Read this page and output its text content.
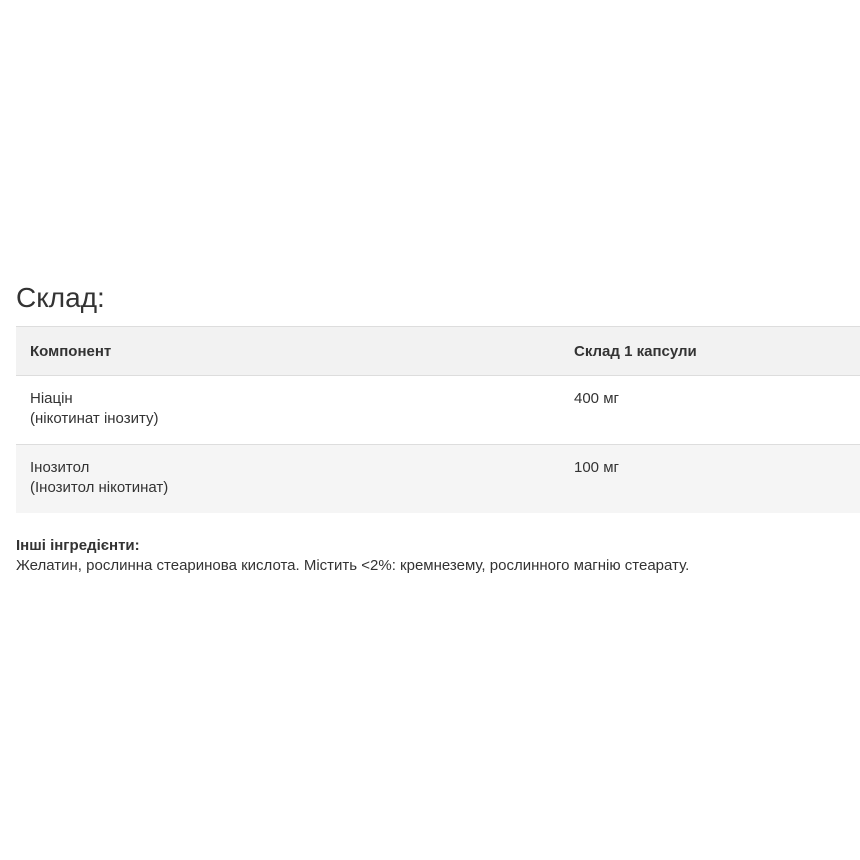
Склад:
Компонент	Склад 1 капсули

Ніацін
(нікотинат інозиту)	400 мг

Інозитол
(Інозитол нікотинат)	100 мг
Інші інгредієнти:
Желатин, рослинна стеаринова кислота. Містить <2%: кремнезему, рослинного магнію стеарату.
